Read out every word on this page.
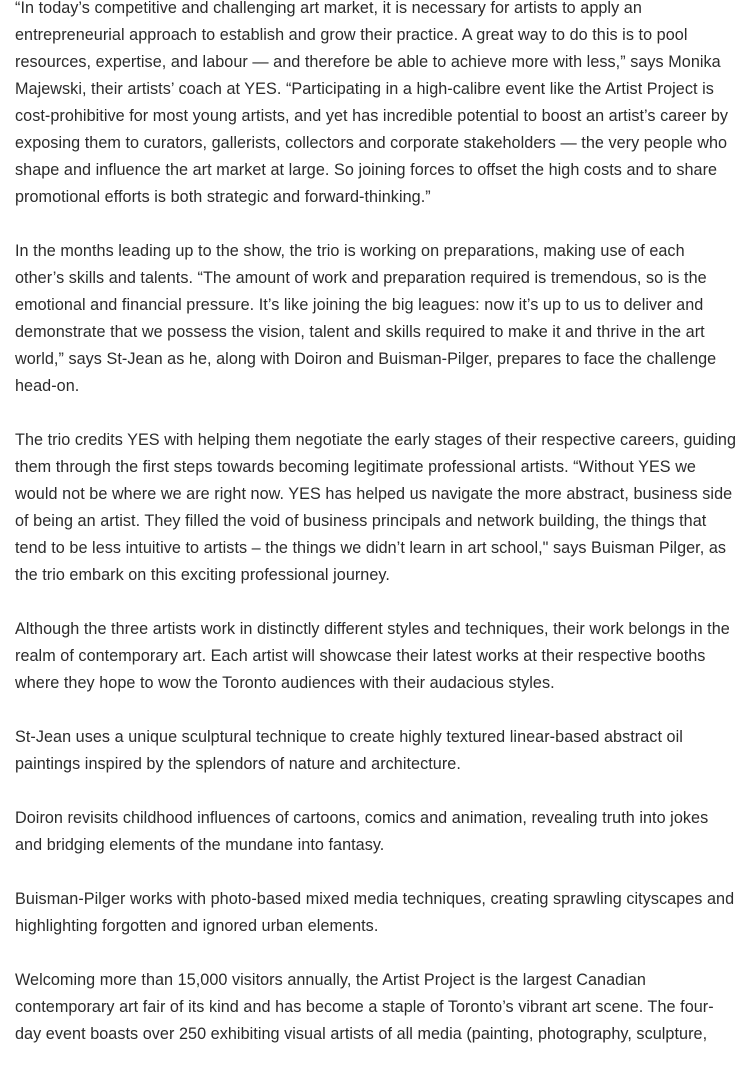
“In today’s competitive and challenging art market, it is necessary for artists to apply an entrepreneurial approach to establish and grow their practice. A great way to do this is to pool resources, expertise, and labour — and therefore be able to achieve more with less,” says Monika Majewski, their artists’ coach at YES. “Participating in a high-calibre event like the Artist Project is cost-prohibitive for most young artists, and yet has incredible potential to boost an artist’s career by exposing them to curators, gallerists, collectors and corporate stakeholders — the very people who shape and influence the art market at large. So joining forces to offset the high costs and to share promotional efforts is both strategic and forward-thinking.”

In the months leading up to the show, the trio is working on preparations, making use of each other’s skills and talents. “The amount of work and preparation required is tremendous, so is the emotional and financial pressure. It’s like joining the big leagues: now it’s up to us to deliver and demonstrate that we possess the vision, talent and skills required to make it and thrive in the art world,” says St-Jean as he, along with Doiron and Buisman-Pilger, prepares to face the challenge head-on.

The trio credits YES with helping them negotiate the early stages of their respective careers, guiding them through the first steps towards becoming legitimate professional artists. “Without YES we would not be where we are right now. YES has helped us navigate the more abstract, business side of being an artist. They filled the void of business principals and network building, the things that tend to be less intuitive to artists – the things we didn’t learn in art school," says Buisman Pilger, as the trio embark on this exciting professional journey.

Although the three artists work in distinctly different styles and techniques, their work belongs in the realm of contemporary art. Each artist will showcase their latest works at their respective booths where they hope to wow the Toronto audiences with their audacious styles.

St-Jean uses a unique sculptural technique to create highly textured linear-based abstract oil paintings inspired by the splendors of nature and architecture.

Doiron revisits childhood influences of cartoons, comics and animation, revealing truth into jokes and bridging elements of the mundane into fantasy.

Buisman-Pilger works with photo-based mixed media techniques, creating sprawling cityscapes and highlighting forgotten and ignored urban elements.

Welcoming more than 15,000 visitors annually, the Artist Project is the largest Canadian contemporary art fair of its kind and has become a staple of Toronto’s vibrant art scene. The four-day event boasts over 250 exhibiting visual artists of all media (painting, photography, sculpture,
